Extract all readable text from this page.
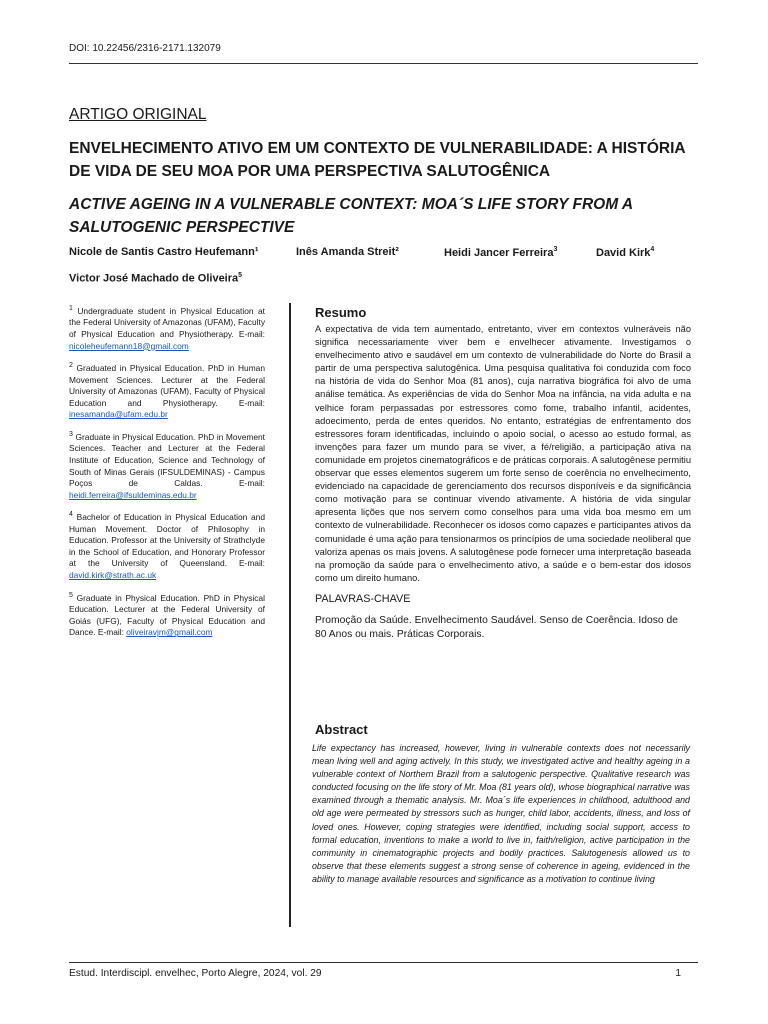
DOI: 10.22456/2316-2171.132079
ARTIGO ORIGINAL
ENVELHECIMENTO ATIVO EM UM CONTEXTO DE VULNERABILIDADE: A HISTÓRIA DE VIDA DE SEU MOA POR UMA PERSPECTIVA SALUTOGÊNICA
ACTIVE AGEING IN A VULNERABLE CONTEXT: MOA´S LIFE STORY FROM A SALUTOGENIC PERSPECTIVE
Nicole de Santis Castro Heufemann¹	Inês Amanda Streit²	Heidi Jancer Ferreira$^3$	David Kirk$^4$
Victor José Machado de Oliveira$^5$
$^1$ Undergraduate student in Physical Education at the Federal University of Amazonas (UFAM), Faculty of Physical Education and Physiotherapy. E-mail: nicoleheufemann18@gmail.com
$^2$ Graduated in Physical Education. PhD in Human Movement Sciences. Lecturer at the Federal University of Amazonas (UFAM), Faculty of Physical Education and Physiotherapy. E-mail: inesamanda@ufam.edu.br
$^3$ Graduate in Physical Education. PhD in Movement Sciences. Teacher and Lecturer at the Federal Institute of Education, Science and Technology of South of Minas Gerais (IFSULDEMINAS) - Campus Poços de Caldas. E-mail: heidi.ferreira@ifsuldeminas.edu.br
$^4$ Bachelor of Education in Physical Education and Human Movement. Doctor of Philosophy in Education. Professor at the University of Strathclyde in the School of Education, and Honorary Professor at the University of Queensland. E-mail: david.kirk@strath.ac.uk
$^5$ Graduate in Physical Education. PhD in Physical Education. Lecturer at the Federal University of Goiás (UFG), Faculty of Physical Education and Dance. E-mail: oliveiravjm@gmail.com
Resumo
A expectativa de vida tem aumentado, entretanto, viver em contextos vulneráveis não significa necessariamente viver bem e envelhecer ativamente. Investigamos o envelhecimento ativo e saudável em um contexto de vulnerabilidade do Norte do Brasil a partir de uma perspectiva salutogênica. Uma pesquisa qualitativa foi conduzida com foco na história de vida do Senhor Moa (81 anos), cuja narrativa biográfica foi alvo de uma análise temática. As experiências de vida do Senhor Moa na infância, na vida adulta e na velhice foram perpassadas por estressores como fome, trabalho infantil, acidentes, adoecimento, perda de entes queridos. No entanto, estratégias de enfrentamento dos estressores foram identificadas, incluindo o apoio social, o acesso ao estudo formal, as invenções para fazer um mundo para se viver, a fé/religião, a participação ativa na comunidade em projetos cinematográficos e de práticas corporais. A salutogênese permitiu observar que esses elementos sugerem um forte senso de coerência no envelhecimento, evidenciado na capacidade de gerenciamento dos recursos disponíveis e da significância como motivação para se continuar vivendo ativamente. A história de vida singular apresenta lições que nos servem como conselhos para uma vida boa mesmo em um contexto de vulnerabilidade. Reconhecer os idosos como capazes e participantes ativos da comunidade é uma ação para tensionarmos os princípios de uma sociedade neoliberal que valoriza apenas os mais jovens. A salutogênese pode fornecer uma interpretação baseada na promoção da saúde para o envelhecimento ativo, a saúde e o bem-estar dos idosos como um direito humano.
PALAVRAS-CHAVE
Promoção da Saúde. Envelhecimento Saudável. Senso de Coerência. Idoso de 80 Anos ou mais. Práticas Corporais.
Abstract
Life expectancy has increased, however, living in vulnerable contexts does not necessarily mean living well and aging actively. In this study, we investigated active and healthy ageing in a vulnerable context of Northern Brazil from a salutogenic perspective. Qualitative research was conducted focusing on the life story of Mr. Moa (81 years old), whose biographical narrative was examined through a thematic analysis. Mr. Moa´s life experiences in childhood, adulthood and old age were permeated by stressors such as hunger, child labor, accidents, illness, and loss of loved ones. However, coping strategies were identified, including social support, access to formal education, inventions to make a world to live in, faith/religion, active participation in the community in cinematographic projects and bodily practices. Salutogenesis allowed us to observe that these elements suggest a strong sense of coherence in ageing, evidenced in the ability to manage available resources and significance as a motivation to continue living
Estud. Interdiscipl. envelhec, Porto Alegre, 2024, vol. 29	1
